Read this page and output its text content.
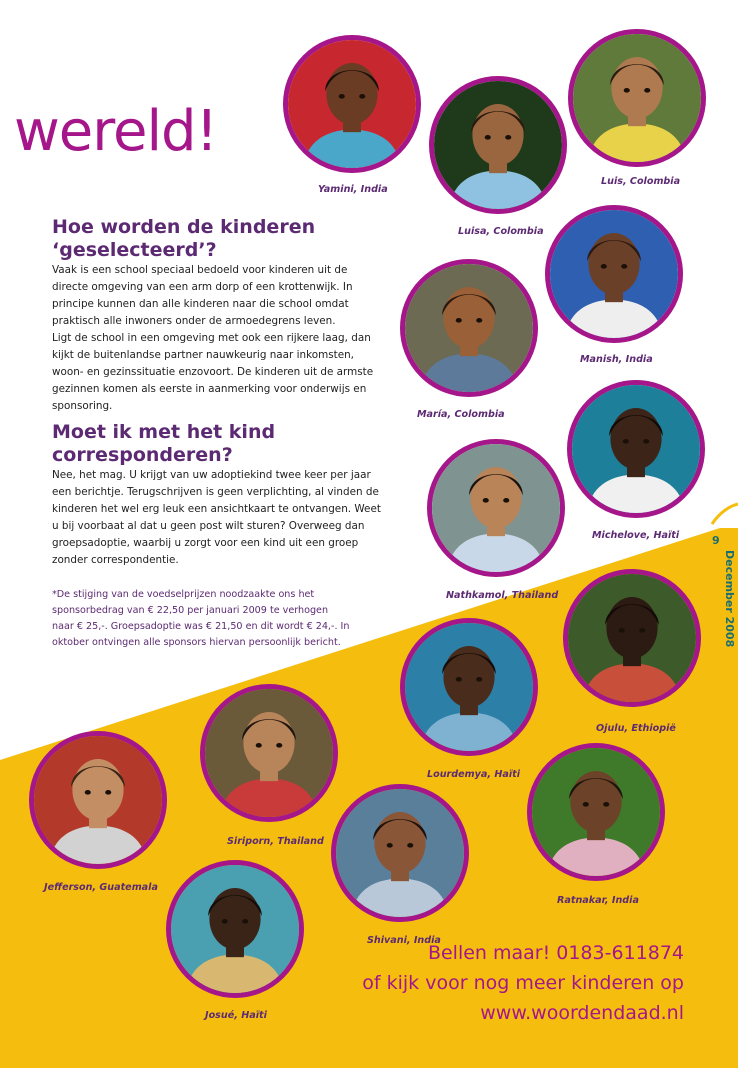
wereld!
Hoe worden de kinderen ‘geselecteerd’?

Vaak is een school speciaal bedoeld voor kinderen uit de directe omgeving van een arm dorp of een krottenwijk. In principe kunnen dan alle kinderen naar die school omdat praktisch alle inwoners onder de armoedegrens leven.

Ligt de school in een omgeving met ook een rijkere laag, dan kijkt de buitenlandse partner nauwkeurig naar inkomsten, woon- en gezinssituatie enzovoort. De kinderen uit de armste gezinnen komen als eerste in aanmerking voor onderwijs en sponsoring.

Moet ik met het kind corresponderen?

Nee, het mag. U krijgt van uw adoptiekind twee keer per jaar een berichtje. Terugschrijven is geen verplichting, al vinden de kinderen het wel erg leuk een ansichtkaart te ontvangen. Weet u bij voorbaat al dat u geen post wilt sturen? Overweeg dan groepsadoptie, waarbij u zorgt voor een kind uit een groep zonder correspondentie.

*De stijging van de voedselprijzen noodzaakte ons het sponsorbedrag van € 22,50 per januari 2009 te verhogen naar € 25,-. Groepsadoptie was € 21,50 en dit wordt € 24,-. In oktober ontvingen alle sponsors hiervan persoonlijk bericht.

Yamini, India
Luisa, Colombia
Luis, Colombia
Manish, India
María, Colombia
Michelove, Haïti
Nathkamol, Thailand
Ojulu, Ethiopië
Lourdemya, Haïti
Siriporn, Thailand
Jefferson, Guatemala
Ratnakar, India
Shivani, India
Josué, Haïti
Bellen maar! 0183-611874
of kijk voor nog meer kinderen op
www.woordendaad.nl
9
December 2008
